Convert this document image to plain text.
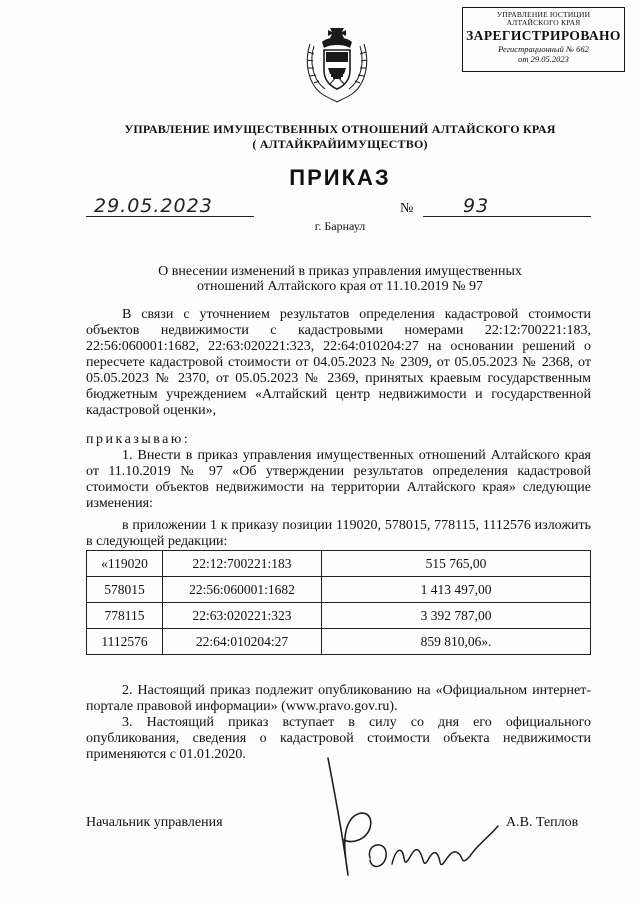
УПРАВЛЕНИЕ ЮСТИЦИИ
АЛТАЙСКОГО КРАЯ
ЗАРЕГИСТРИРОВАНО
Регистрационный № 662
от 29.05.2023
УПРАВЛЕНИЕ ИМУЩЕСТВЕННЫХ ОТНОШЕНИЙ АЛТАЙСКОГО КРАЯ
( АЛТАЙКРАЙИМУЩЕСТВО)
ПРИКАЗ
29.05.2023	№	93
г. Барнаул
О внесении изменений в приказ управления имущественных
отношений Алтайского края от 11.10.2019 № 97
В связи с уточнением результатов определения кадастровой стоимости объектов недвижимости с кадастровыми номерами 22:12:700221:183, 22:56:060001:1682, 22:63:020221:323, 22:64:010204:27 на основании решений о пересчете кадастровой стоимости от 04.05.2023 № 2309, от 05.05.2023 № 2368, от 05.05.2023 № 2370, от 05.05.2023 № 2369, принятых краевым государственным бюджетным учреждением «Алтайский центр недвижимости и государственной кадастровой оценки»,
приказываю:
1. Внести в приказ управления имущественных отношений Алтайского края от 11.10.2019 № 97 «Об утверждении результатов определения кадастровой стоимости объектов недвижимости на территории Алтайского края» следующие изменения:
в приложении 1 к приказу позиции 119020, 578015, 778115, 1112576 изложить в следующей редакции:
«119020	22:12:700221:183	515 765,00
578015	22:56:060001:1682	1 413 497,00
778115	22:63:020221:323	3 392 787,00
1112576	22:64:010204:27	859 810,06».
2. Настоящий приказ подлежит опубликованию на «Официальном интернет-портале правовой информации» (www.pravo.gov.ru).
3. Настоящий приказ вступает в силу со дня его официального опубликования, сведения о кадастровой стоимости объекта недвижимости применяются с 01.01.2020.
Начальник управления	А.В. Теплов
